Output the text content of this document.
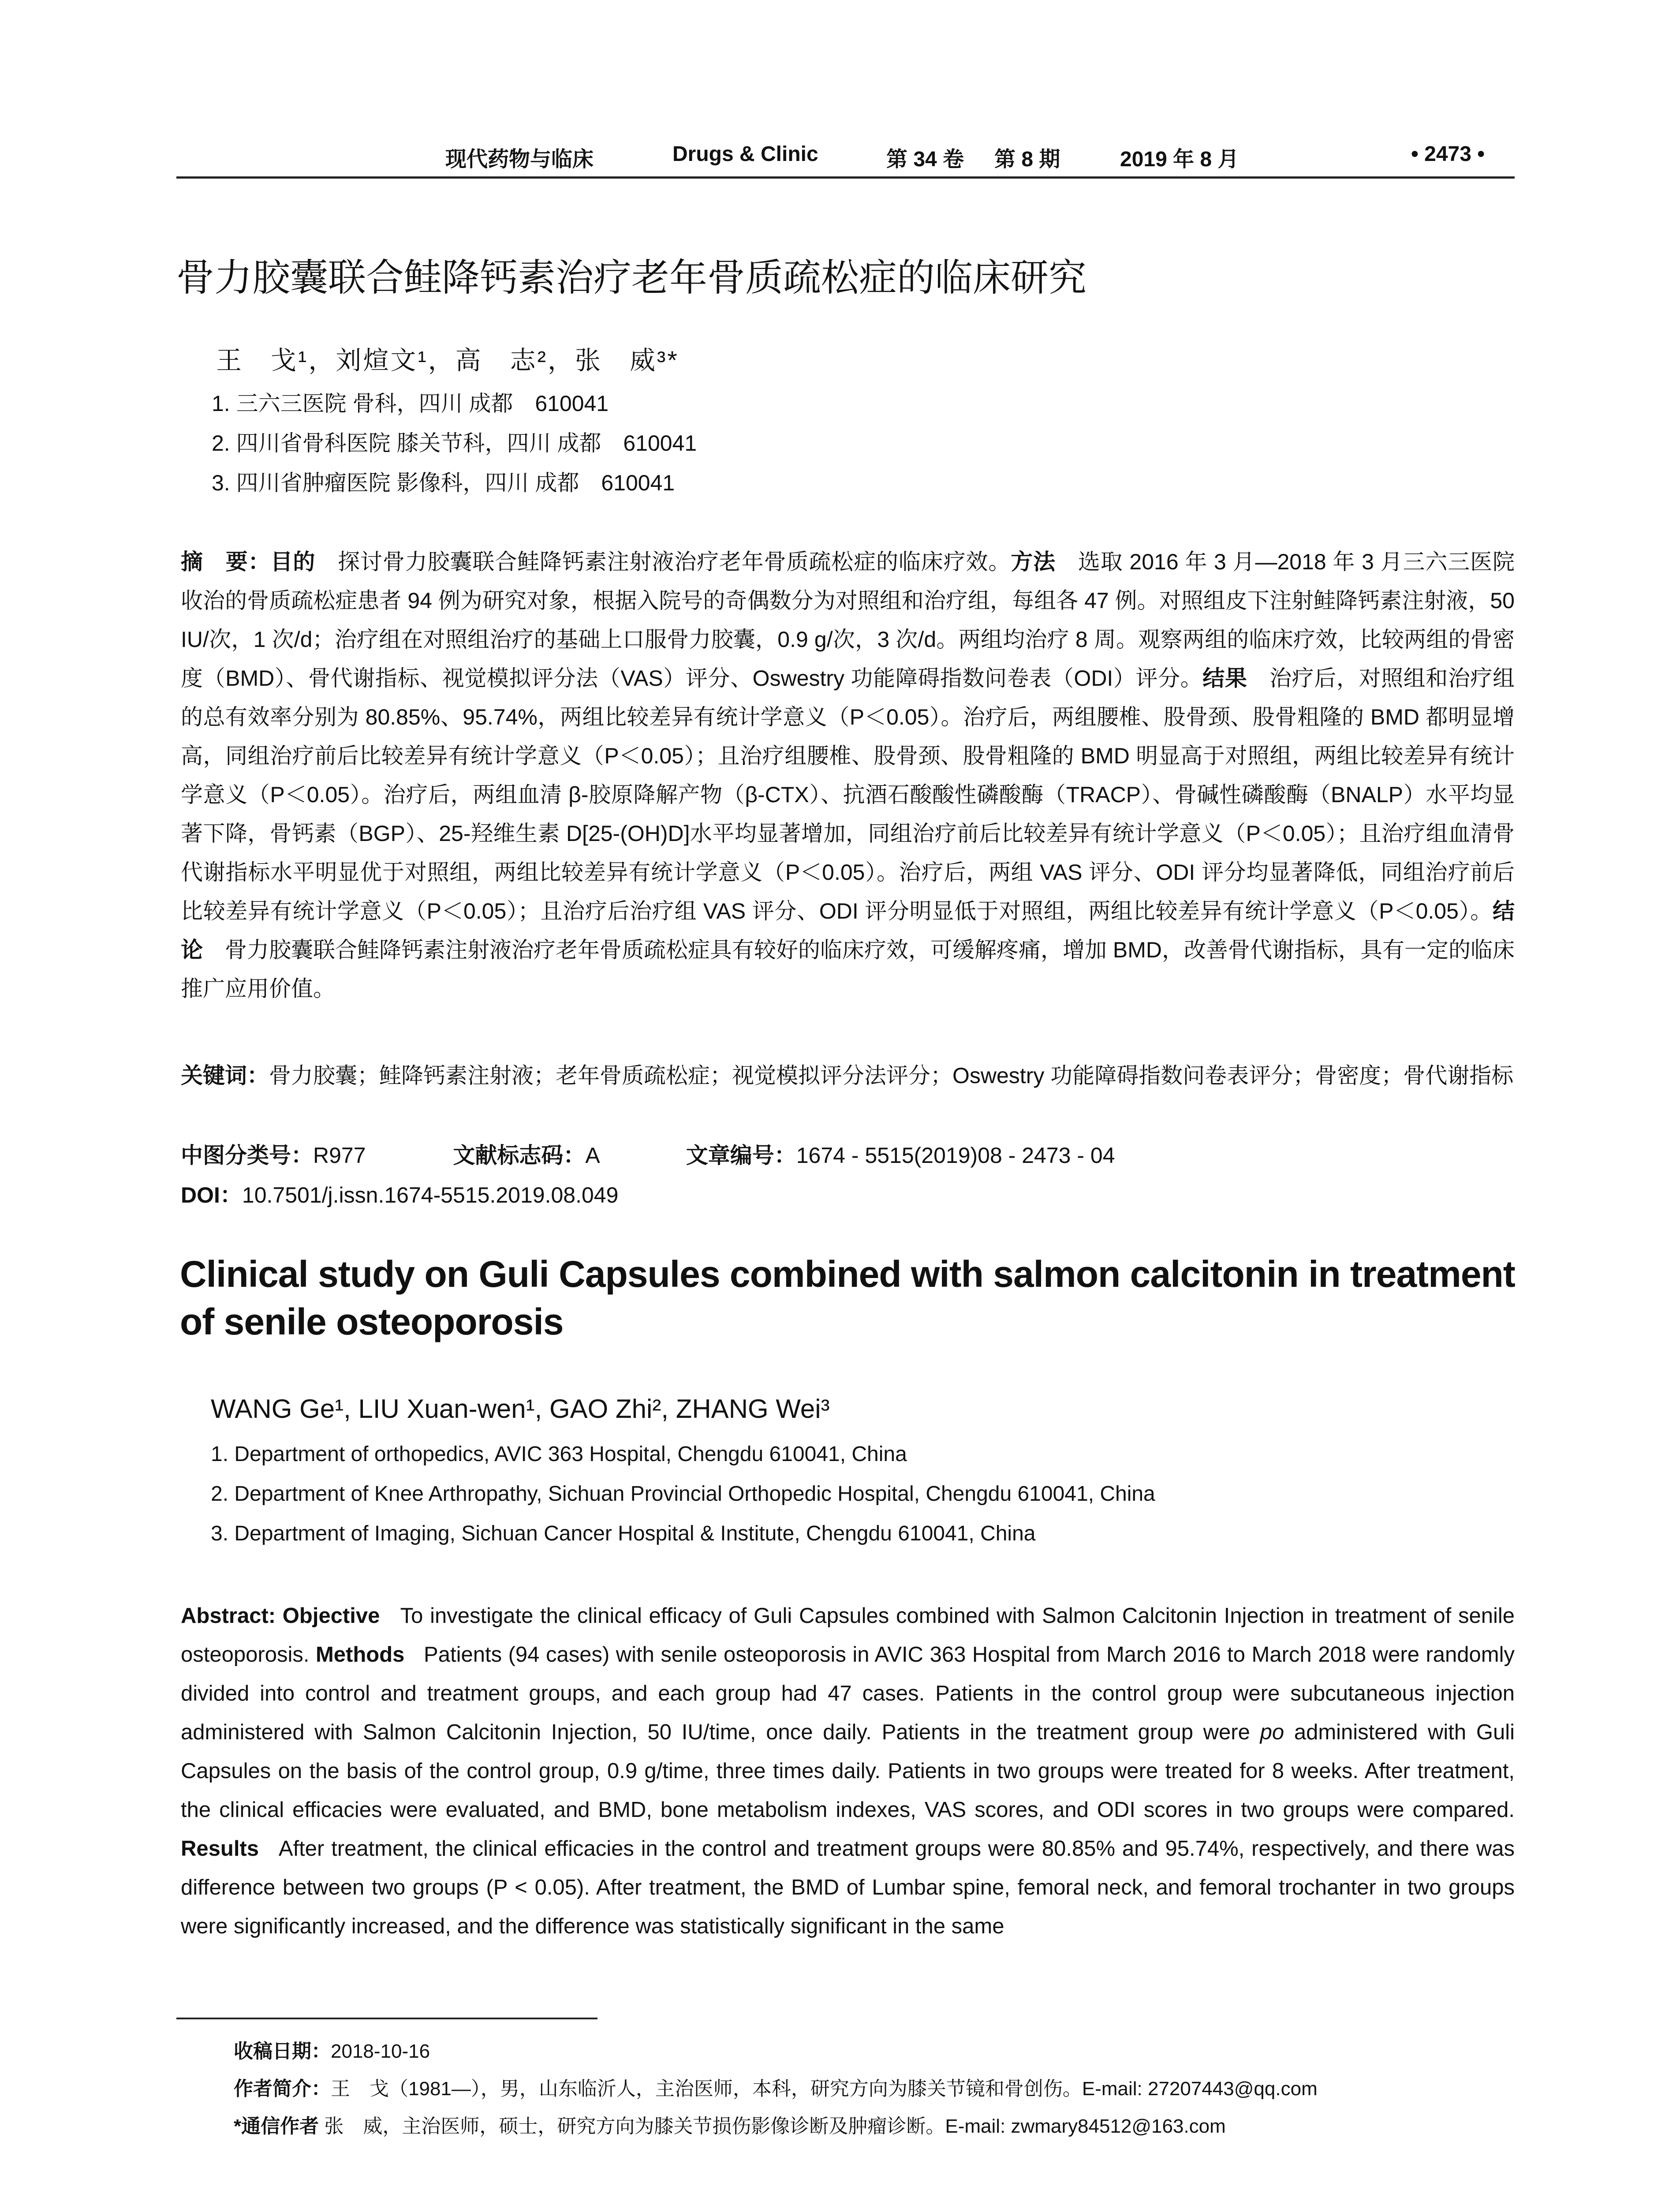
现代药物与临床	Drugs & Clinic	第 34 卷 第 8 期	2019 年 8 月	• 2473 •
骨力胶囊联合鲑降钙素治疗老年骨质疏松症的临床研究
王　戈¹，刘煊文¹，高　志²，张　威³*
1. 三六三医院 骨科，四川 成都　610041
2. 四川省骨科医院 膝关节科，四川 成都　610041
3. 四川省肿瘤医院 影像科，四川 成都　610041
摘　要：目的　 探讨骨力胶囊联合鲑降钙素注射液治疗老年骨质疏松症的临床疗效。方法　 选取 2016 年 3 月—2018 年 3 月三六三医院收治的骨质疏松症患者 94 例为研究对象，根据入院号的奇偶数分为对照组和治疗组，每组各 47 例。对照组皮下注射鲑降钙素注射液，50 IU/次，1 次/d；治疗组在对照组治疗的基础上口服骨力胶囊，0.9 g/次，3 次/d。两组均治疗 8 周。观察两组的临床疗效，比较两组的骨密度（BMD）、骨代谢指标、视觉模拟评分法（VAS）评分、Oswestry 功能障碍指数问卷表（ODI）评分。结果　 治疗后，对照组和治疗组的总有效率分别为 80.85%、95.74%，两组比较差异有统计学意义（P＜0.05）。治疗后，两组腰椎、股骨颈、股骨粗隆的 BMD 都明显增高，同组治疗前后比较差异有统计学意义（P＜0.05）；且治疗组腰椎、股骨颈、股骨粗隆的 BMD 明显高于对照组，两组比较差异有统计学意义（P＜0.05）。治疗后，两组血清 β-胶原降解产物（β-CTX）、抗酒石酸酸性磷酸酶（TRACP）、骨碱性磷酸酶（BNALP）水平均显著下降，骨钙素（BGP）、25-羟维生素 D[25-(OH)D]水平均显著增加，同组治疗前后比较差异有统计学意义（P＜0.05）；且治疗组血清骨代谢指标水平明显优于对照组，两组比较差异有统计学意义（P＜0.05）。治疗后，两组 VAS 评分、ODI 评分均显著降低，同组治疗前后比较差异有统计学意义（P＜0.05）；且治疗后治疗组 VAS 评分、ODI 评分明显低于对照组，两组比较差异有统计学意义（P＜0.05）。结论　 骨力胶囊联合鲑降钙素注射液治疗老年骨质疏松症具有较好的临床疗效，可缓解疼痛，增加 BMD，改善骨代谢指标，具有一定的临床推广应用价值。
关键词：骨力胶囊；鲑降钙素注射液；老年骨质疏松症；视觉模拟评分法评分；Oswestry 功能障碍指数问卷表评分；骨密度；骨代谢指标
中图分类号：R977	文献标志码：A	文章编号：1674 - 5515(2019)08 - 2473 - 04
DOI：10.7501/j.issn.1674-5515.2019.08.049
Clinical study on Guli Capsules combined with salmon calcitonin in treatment of senile osteoporosis
WANG Ge¹, LIU Xuan-wen¹, GAO Zhi², ZHANG Wei³
1. Department of orthopedics, AVIC 363 Hospital, Chengdu 610041, China
2. Department of Knee Arthropathy, Sichuan Provincial Orthopedic Hospital, Chengdu 610041, China
3. Department of Imaging, Sichuan Cancer Hospital & Institute, Chengdu 610041, China
Abstract: Objective To investigate the clinical efficacy of Guli Capsules combined with Salmon Calcitonin Injection in treatment of senile osteoporosis. Methods Patients (94 cases) with senile osteoporosis in AVIC 363 Hospital from March 2016 to March 2018 were randomly divided into control and treatment groups, and each group had 47 cases. Patients in the control group were subcutaneous injection administered with Salmon Calcitonin Injection, 50 IU/time, once daily. Patients in the treatment group were po administered with Guli Capsules on the basis of the control group, 0.9 g/time, three times daily. Patients in two groups were treated for 8 weeks. After treatment, the clinical efficacies were evaluated, and BMD, bone metabolism indexes, VAS scores, and ODI scores in two groups were compared. Results After treatment, the clinical efficacies in the control and treatment groups were 80.85% and 95.74%, respectively, and there was difference between two groups (P < 0.05). After treatment, the BMD of Lumbar spine, femoral neck, and femoral trochanter in two groups were significantly increased, and the difference was statistically significant in the same
收稿日期：2018-10-16
作者简介：王　戈（1981—），男，山东临沂人，主治医师，本科，研究方向为膝关节镜和骨创伤。E-mail: 27207443@qq.com
*通信作者 张　威，主治医师，硕士，研究方向为膝关节损伤影像诊断及肿瘤诊断。E-mail: zwmary84512@163.com
